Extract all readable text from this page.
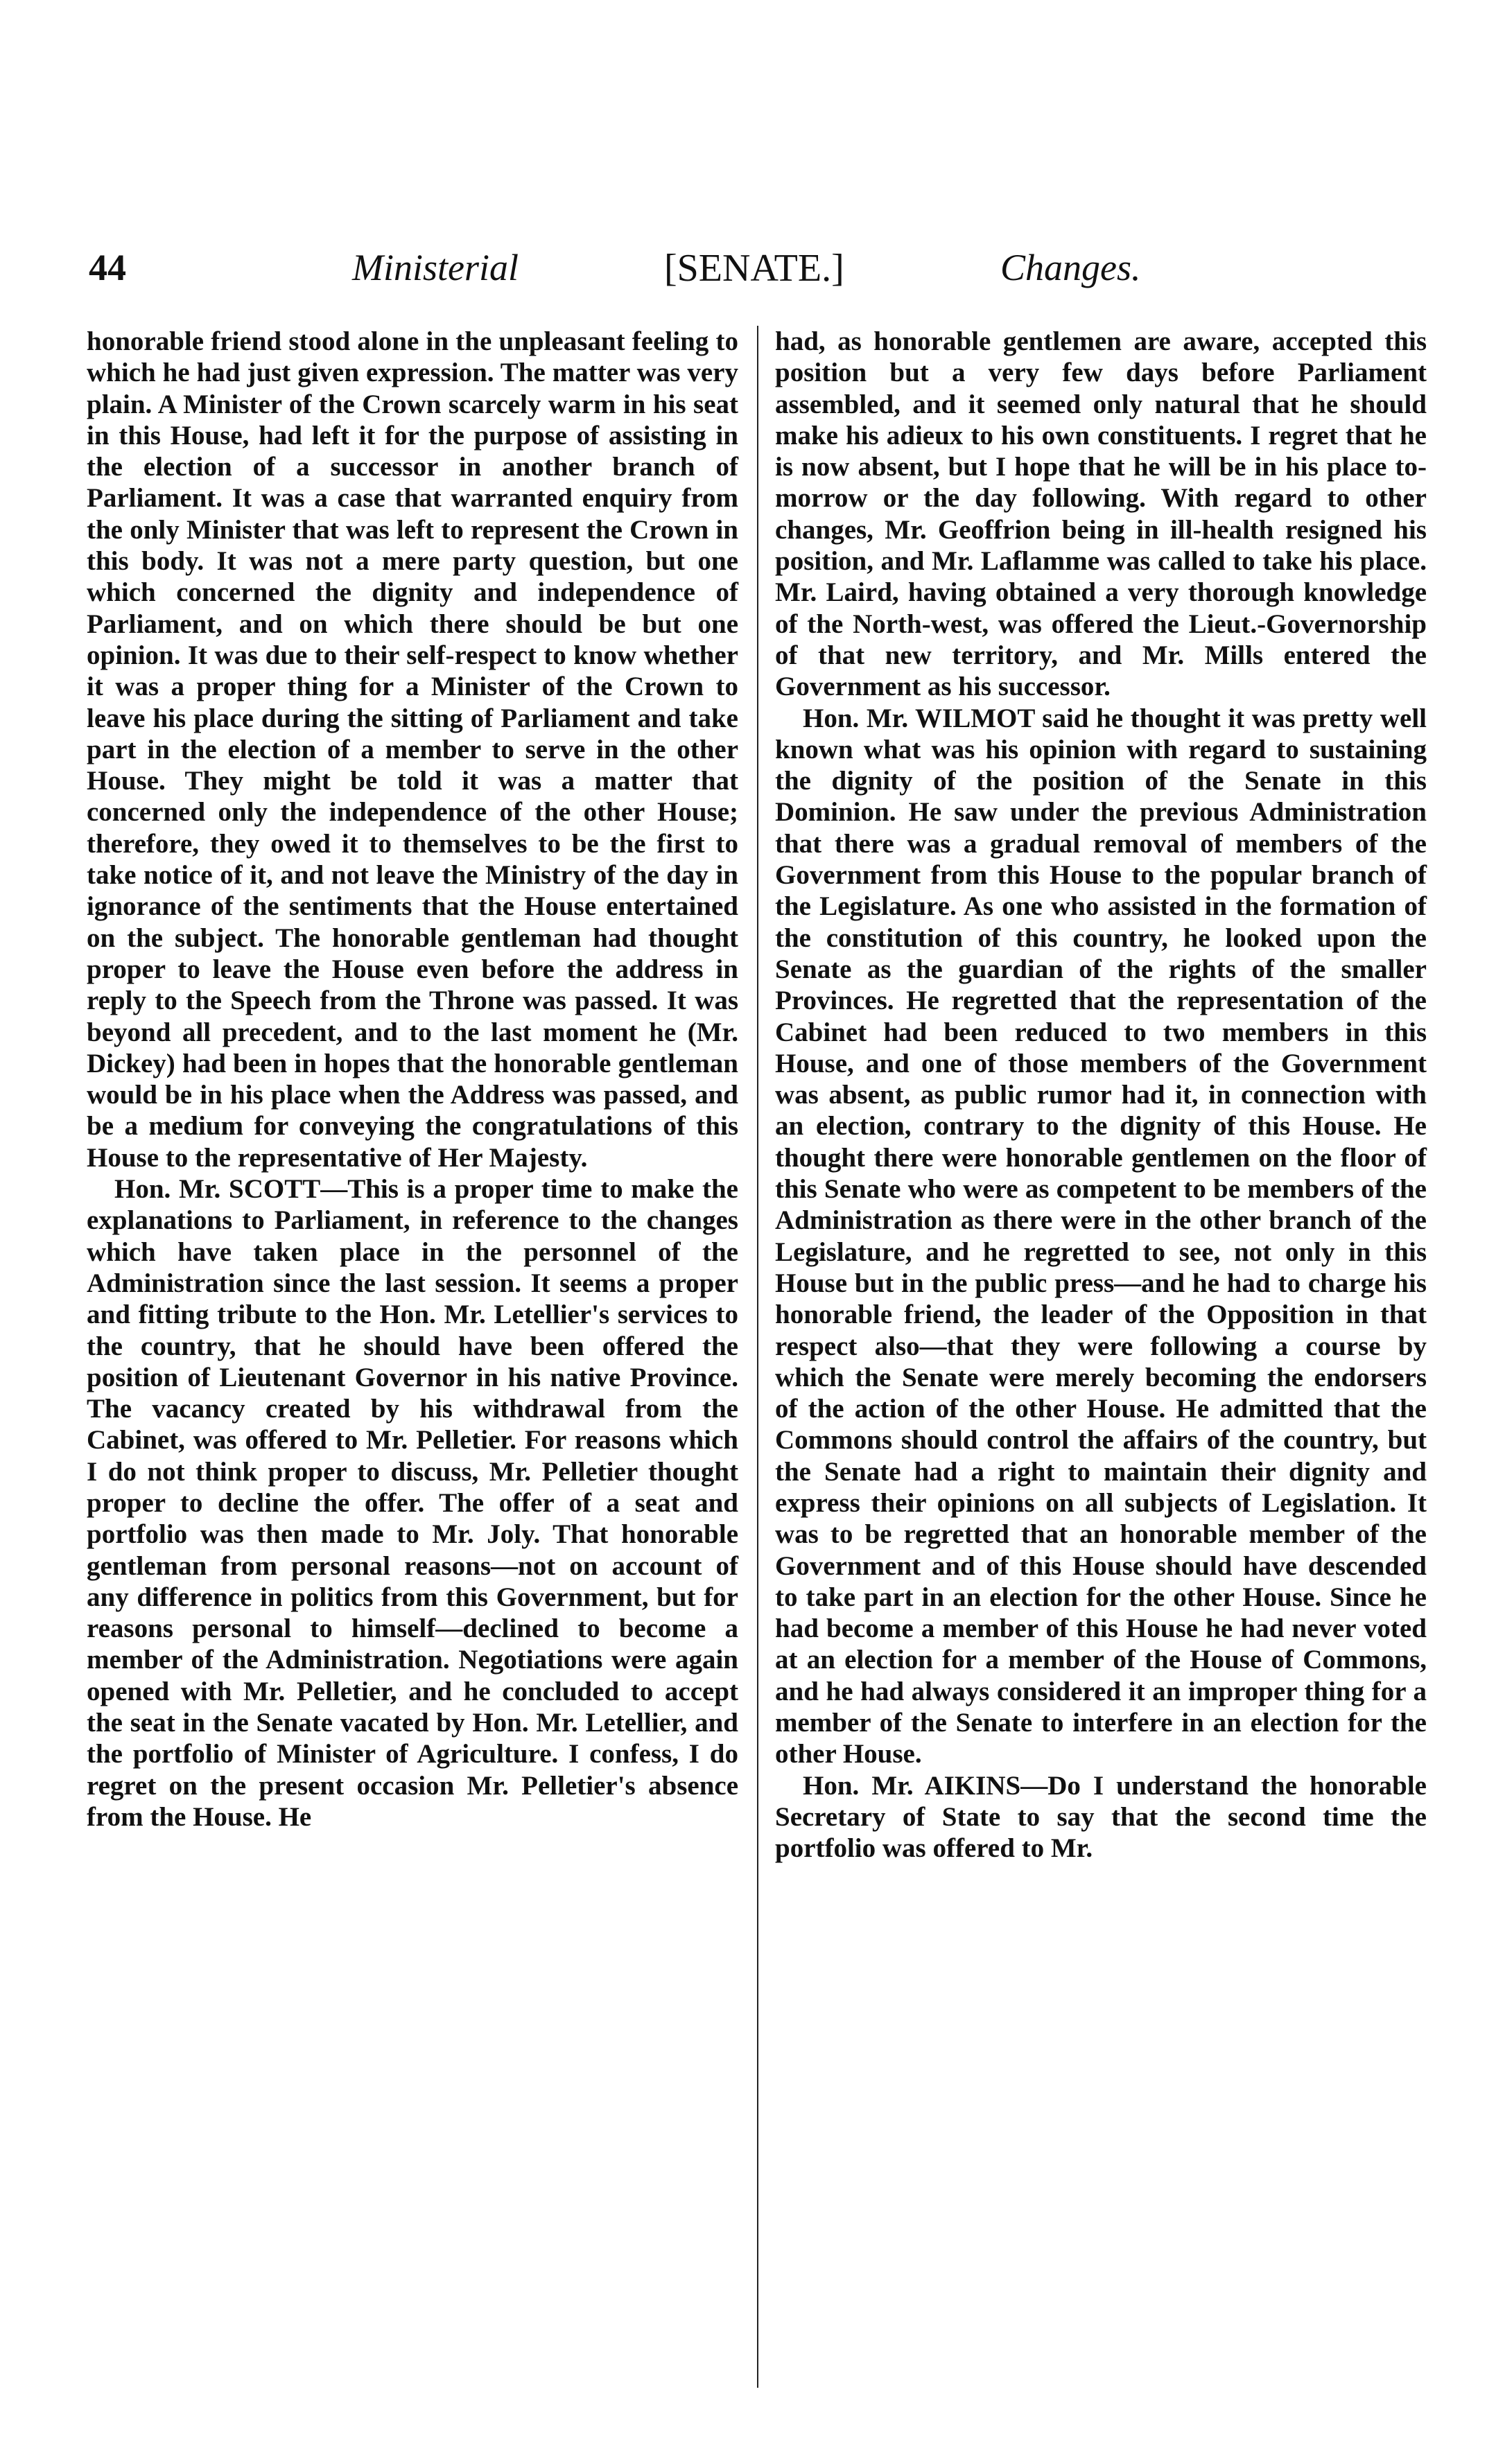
44	Ministerial	[SENATE.]	Changes.

honorable friend stood alone in the unpleasant feeling to which he had just given expression. The matter was very plain. A Minister of the Crown scarcely warm in his seat in this House, had left it for the purpose of assisting in the election of a successor in another branch of Parliament. It was a case that warranted enquiry from the only Minister that was left to represent the Crown in this body. It was not a mere party question, but one which concerned the dignity and independence of Parliament, and on which there should be but one opinion. It was due to their self-respect to know whether it was a proper thing for a Minister of the Crown to leave his place during the sitting of Parliament and take part in the election of a member to serve in the other House. They might be told it was a matter that concerned only the independence of the other House; therefore, they owed it to themselves to be the first to take notice of it, and not leave the Ministry of the day in ignorance of the sentiments that the House entertained on the subject. The honorable gentleman had thought proper to leave the House even before the address in reply to the Speech from the Throne was passed. It was beyond all precedent, and to the last moment he (Mr. Dickey) had been in hopes that the honorable gentleman would be in his place when the Address was passed, and be a medium for conveying the congratulations of this House to the representative of Her Majesty.

Hon. Mr. SCOTT—This is a proper time to make the explanations to Parliament, in reference to the changes which have taken place in the personnel of the Administration since the last session. It seems a proper and fitting tribute to the Hon. Mr. Letellier's services to the country, that he should have been offered the position of Lieutenant Governor in his native Province. The vacancy created by his withdrawal from the Cabinet, was offered to Mr. Pelletier. For reasons which I do not think proper to discuss, Mr. Pelletier thought proper to decline the offer. The offer of a seat and portfolio was then made to Mr. Joly. That honorable gentleman from personal reasons—not on account of any difference in politics from this Government, but for reasons personal to himself—declined to become a member of the Administration. Negotiations were again opened with Mr. Pelletier, and he concluded to accept the seat in the Senate vacated by Hon. Mr. Letellier, and the portfolio of Minister of Agriculture. I confess, I do regret on the present occasion Mr. Pelletier's absence from the House. He

had, as honorable gentlemen are aware, accepted this position but a very few days before Parliament assembled, and it seemed only natural that he should make his adieux to his own constituents. I regret that he is now absent, but I hope that he will be in his place to-morrow or the day following. With regard to other changes, Mr. Geoffrion being in ill-health resigned his position, and Mr. Laflamme was called to take his place. Mr. Laird, having obtained a very thorough knowledge of the North-west, was offered the Lieut.-Governorship of that new territory, and Mr. Mills entered the Government as his successor.

Hon. Mr. WILMOT said he thought it was pretty well known what was his opinion with regard to sustaining the dignity of the position of the Senate in this Dominion. He saw under the previous Administration that there was a gradual removal of members of the Government from this House to the popular branch of the Legislature. As one who assisted in the formation of the constitution of this country, he looked upon the Senate as the guardian of the rights of the smaller Provinces. He regretted that the representation of the Cabinet had been reduced to two members in this House, and one of those members of the Government was absent, as public rumor had it, in connection with an election, contrary to the dignity of this House. He thought there were honorable gentlemen on the floor of this Senate who were as competent to be members of the Administration as there were in the other branch of the Legislature, and he regretted to see, not only in this House but in the public press—and he had to charge his honorable friend, the leader of the Opposition in that respect also—that they were following a course by which the Senate were merely becoming the endorsers of the action of the other House. He admitted that the Commons should control the affairs of the country, but the Senate had a right to maintain their dignity and express their opinions on all subjects of Legislation. It was to be regretted that an honorable member of the Government and of this House should have descended to take part in an election for the other House. Since he had become a member of this House he had never voted at an election for a member of the House of Commons, and he had always considered it an improper thing for a member of the Senate to interfere in an election for the other House.

Hon. Mr. AIKINS—Do I understand the honorable Secretary of State to say that the second time the portfolio was offered to Mr.
